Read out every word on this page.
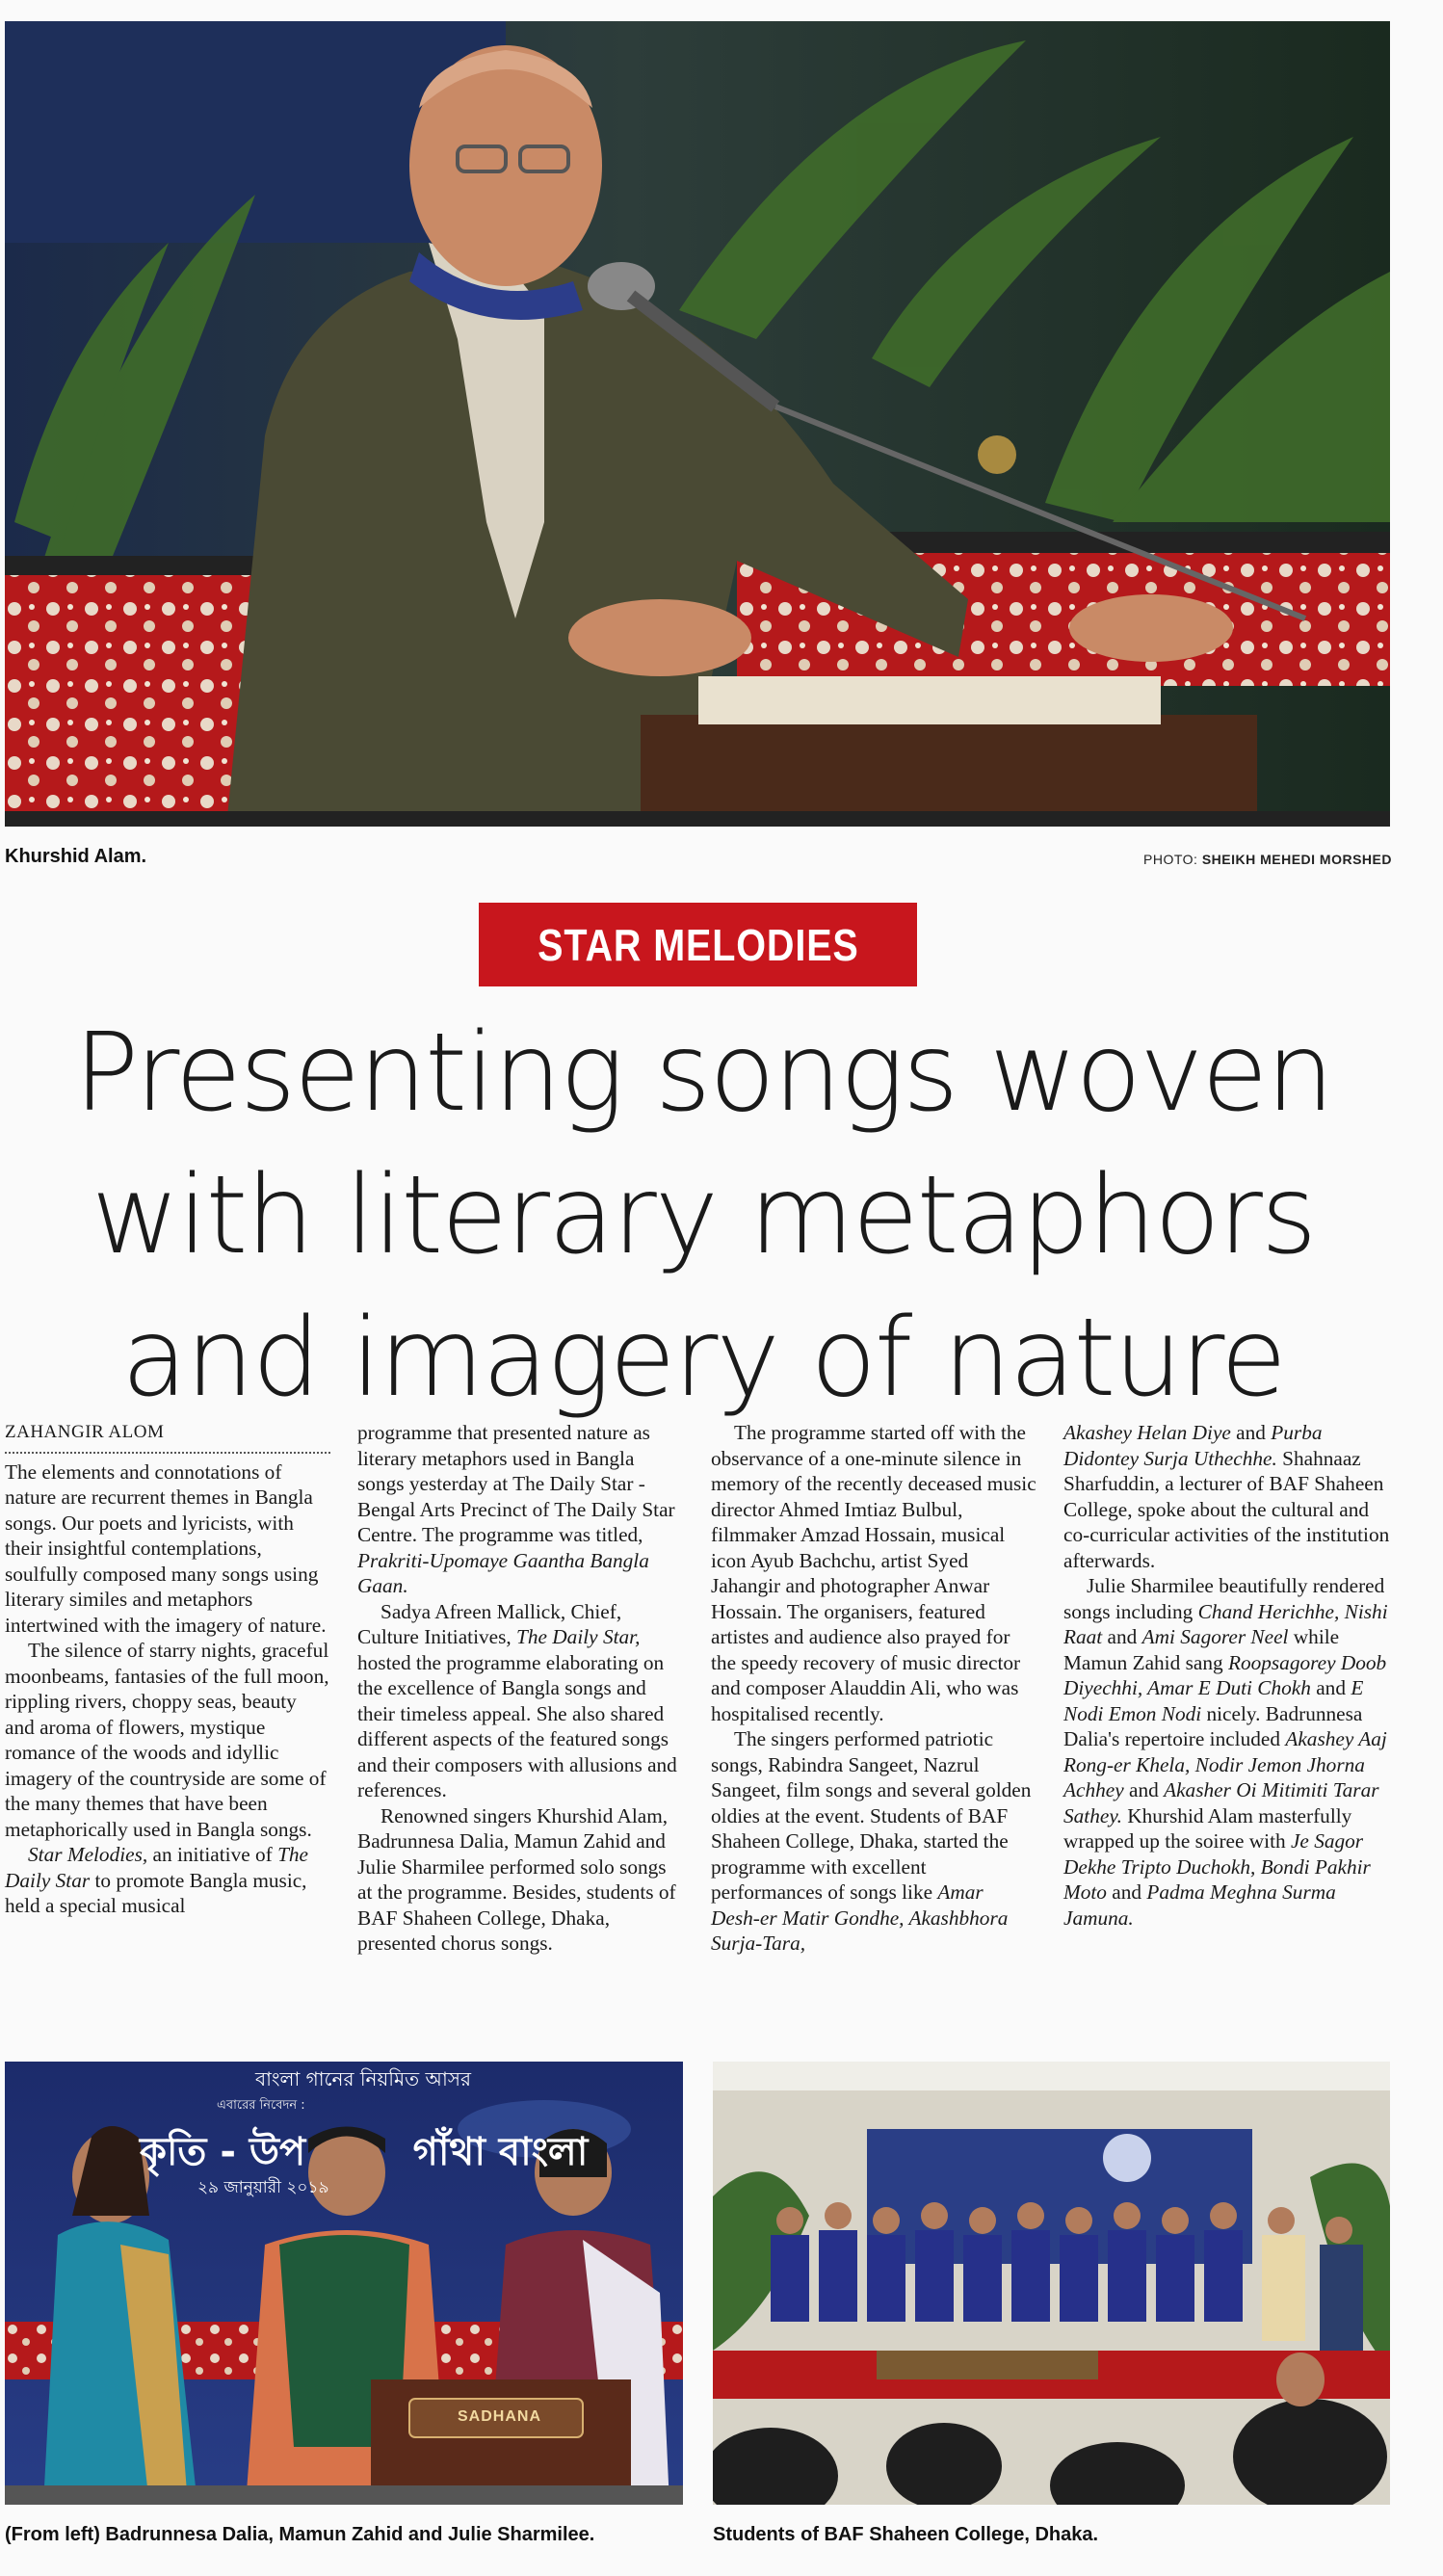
Khurshid Alam.	PHOTO: SHEIKH MEHEDI MORSHED
STAR MELODIES
Presenting songs woven
with literary metaphors
and imagery of nature
ZAHANGIR ALOM

The elements and connotations of nature are recurrent themes in Bangla songs. Our poets and lyricists, with their insightful contemplations, soulfully composed many songs using literary similes and metaphors intertwined with the imagery of nature.

The silence of starry nights, graceful moonbeams, fantasies of the full moon, rippling rivers, choppy seas, beauty and aroma of flowers, mystique romance of the woods and idyllic imagery of the countryside are some of the many themes that have been metaphorically used in Bangla songs.

Star Melodies, an initiative of The Daily Star to promote Bangla music, held a special musical

programme that presented nature as literary metaphors used in Bangla songs yesterday at The Daily Star - Bengal Arts Precinct of The Daily Star Centre. The programme was titled, Prakriti-Upomaye Gaantha Bangla Gaan.

Sadya Afreen Mallick, Chief, Culture Initiatives, The Daily Star, hosted the programme elaborating on the excellence of Bangla songs and their timeless appeal. She also shared different aspects of the featured songs and their composers with allusions and references.

Renowned singers Khurshid Alam, Badrunnesa Dalia, Mamun Zahid and Julie Sharmilee performed solo songs at the programme. Besides, students of BAF Shaheen College, Dhaka, presented chorus songs.

The programme started off with the observance of a one-minute silence in memory of the recently deceased music director Ahmed Imtiaz Bulbul, filmmaker Amzad Hossain, musical icon Ayub Bachchu, artist Syed Jahangir and photographer Anwar Hossain. The organisers, featured artistes and audience also prayed for the speedy recovery of music director and composer Alauddin Ali, who was hospitalised recently.

The singers performed patriotic songs, Rabindra Sangeet, Nazrul Sangeet, film songs and several golden oldies at the event. Students of BAF Shaheen College, Dhaka, started the programme with excellent performances of songs like Amar Desh-er Matir Gondhe, Akashbhora Surja-Tara,

Akashey Helan Diye and Purba Didontey Surja Uthechhe. Shahnaaz Sharfuddin, a lecturer of BAF Shaheen College, spoke about the cultural and co-curricular activities of the institution afterwards.

Julie Sharmilee beautifully rendered songs including Chand Herichhe, Nishi Raat and Ami Sagorer Neel while Mamun Zahid sang Roopsagorey Doob Diyechhi, Amar E Duti Chokh and E Nodi Emon Nodi nicely. Badrunnesa Dalia's repertoire included Akashey Aaj Rong-er Khela, Nodir Jemon Jhorna Achhey and Akasher Oi Mitimiti Tarar Sathey. Khurshid Alam masterfully wrapped up the soiree with Je Sagor Dekhe Tripto Duchokh, Bondi Pakhir Moto and Padma Meghna Surma Jamuna.

বাংলা গানের নিয়মিত আসর
এবারের নিবেদন :
কৃতি - উপ        গাঁথা বাংলা
২৯ জানুয়ারী ২০১৯
SADHANA
(From left) Badrunnesa Dalia, Mamun Zahid and Julie Sharmilee.	Students of BAF Shaheen College, Dhaka.
